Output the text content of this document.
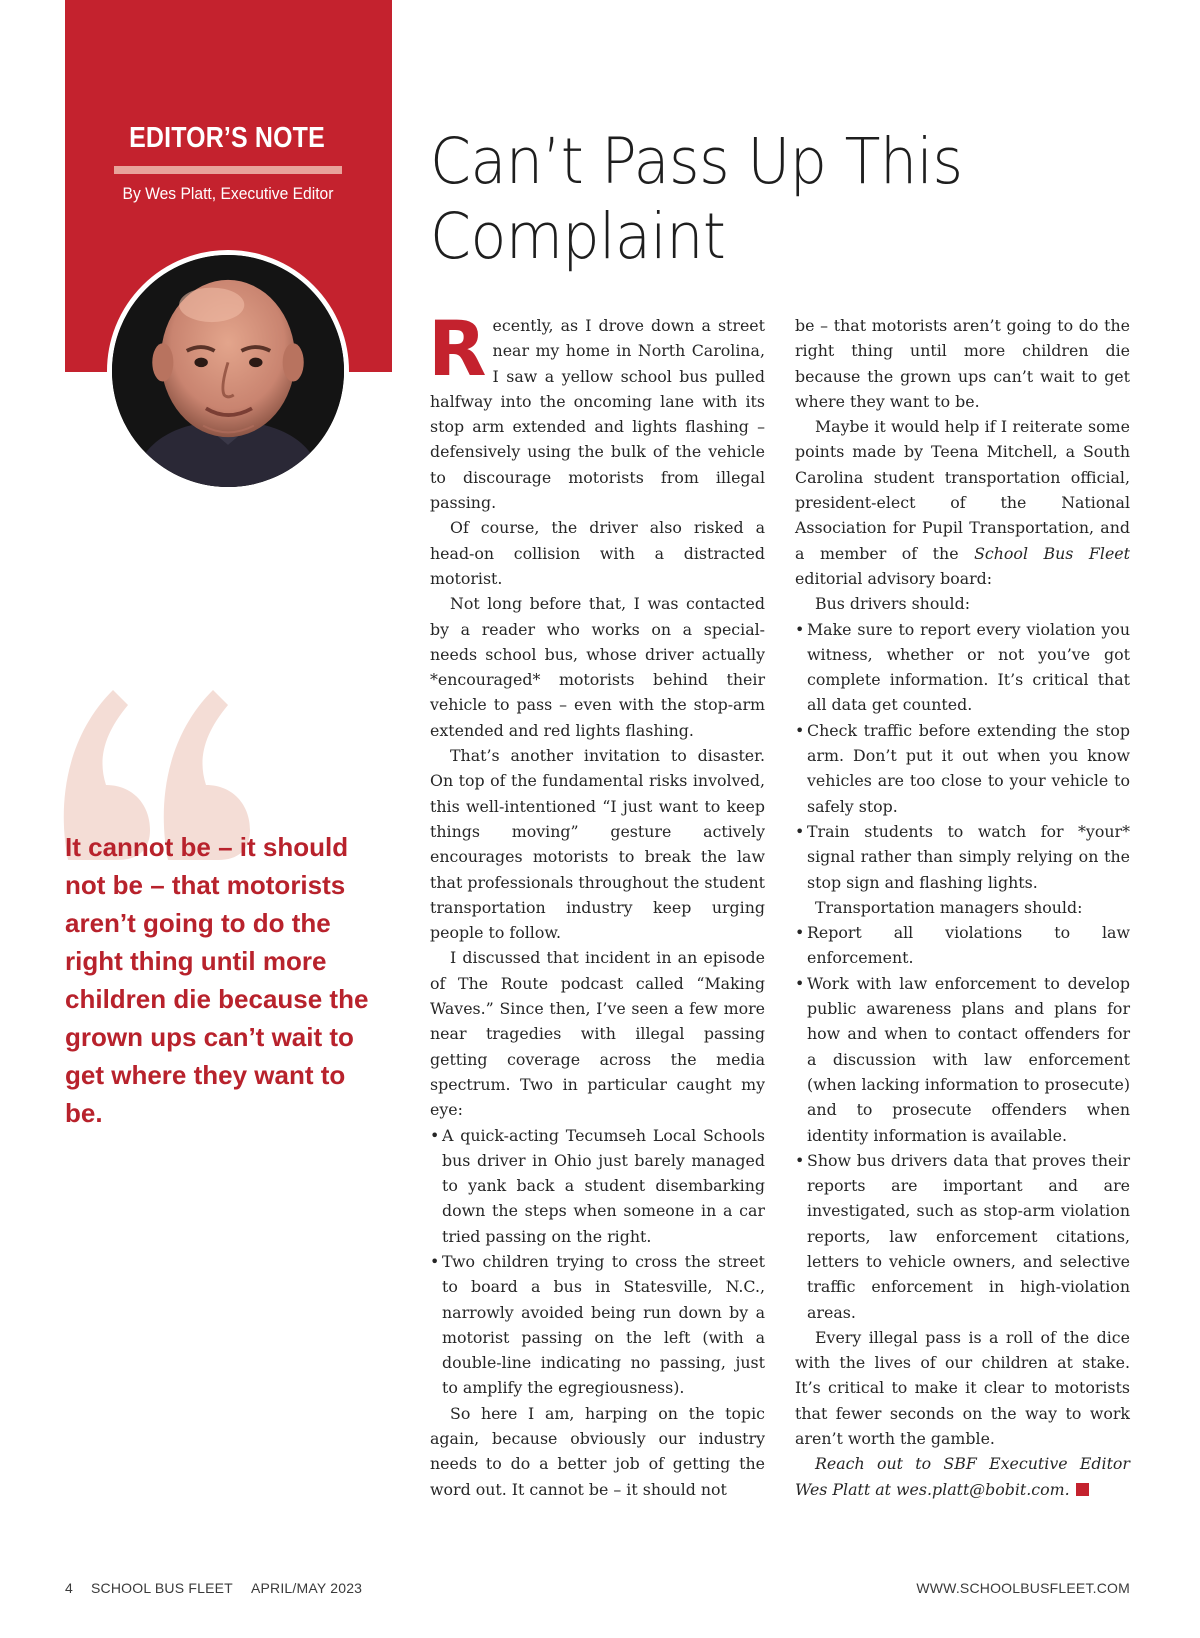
EDITOR’S NOTE
By Wes Platt, Executive Editor Can’t Pass Up This Complaint
It cannot be – it should not be – that motorists aren’t going to do the right thing until more children die because the grown ups can’t wait to get where they want to be.

Recently, as I drove down a street near my home in North Carolina, I saw a yellow school bus pulled halfway into the oncoming lane with its stop arm extended and lights flashing – defensively using the bulk of the vehicle to discourage motorists from illegal passing.

Of course, the driver also risked a head-on collision with a distracted motorist.

Not long before that, I was contacted by a reader who works on a special-needs school bus, whose driver actually *encouraged* motorists behind their vehicle to pass – even with the stop-arm extended and red lights flashing.

That’s another invitation to disaster. On top of the fundamental risks involved, this well-intentioned “I just want to keep things moving” gesture actively encourages motorists to break the law that professionals throughout the student transportation industry keep urging people to follow.

I discussed that incident in an episode of The Route podcast called “Making Waves.” Since then, I’ve seen a few more near tragedies with illegal passing getting coverage across the media spectrum. Two in particular caught my eye:

• A quick-acting Tecumseh Local Schools bus driver in Ohio just barely managed to yank back a student disembarking down the steps when someone in a car tried passing on the right.
• Two children trying to cross the street to board a bus in Statesville, N.C., narrowly avoided being run down by a motorist passing on the left (with a double-line indicating no passing, just to amplify the egregiousness).

So here I am, harping on the topic again, because obviously our industry needs to do a better job of getting the word out. It cannot be – it should not

be – that motorists aren’t going to do the right thing until more children die because the grown ups can’t wait to get where they want to be.

Maybe it would help if I reiterate some points made by Teena Mitchell, a South Carolina student transportation official, president-elect of the National Association for Pupil Transportation, and a member of the School Bus Fleet editorial advisory board:

Bus drivers should:

• Make sure to report every violation you witness, whether or not you’ve got complete information. It’s critical that all data get counted.
• Check traffic before extending the stop arm. Don’t put it out when you know vehicles are too close to your vehicle to safely stop.
• Train students to watch for *your* signal rather than simply relying on the stop sign and flashing lights.

Transportation managers should:

• Report all violations to law enforcement.
• Work with law enforcement to develop public awareness plans and plans for how and when to contact offenders for a discussion with law enforcement (when lacking information to prosecute) and to prosecute offenders when identity information is available.
• Show bus drivers data that proves their reports are important and are investigated, such as stop-arm violation reports, law enforcement citations, letters to vehicle owners, and selective traffic enforcement in high-violation areas.

Every illegal pass is a roll of the dice with the lives of our children at stake. It’s critical to make it clear to motorists that fewer seconds on the way to work aren’t worth the gamble.

Reach out to SBF Executive Editor Wes Platt at wes.platt@bobit.com.

4 SCHOOL BUS FLEET APRIL/MAY 2023	WWW.SCHOOLBUSFLEET.COM
